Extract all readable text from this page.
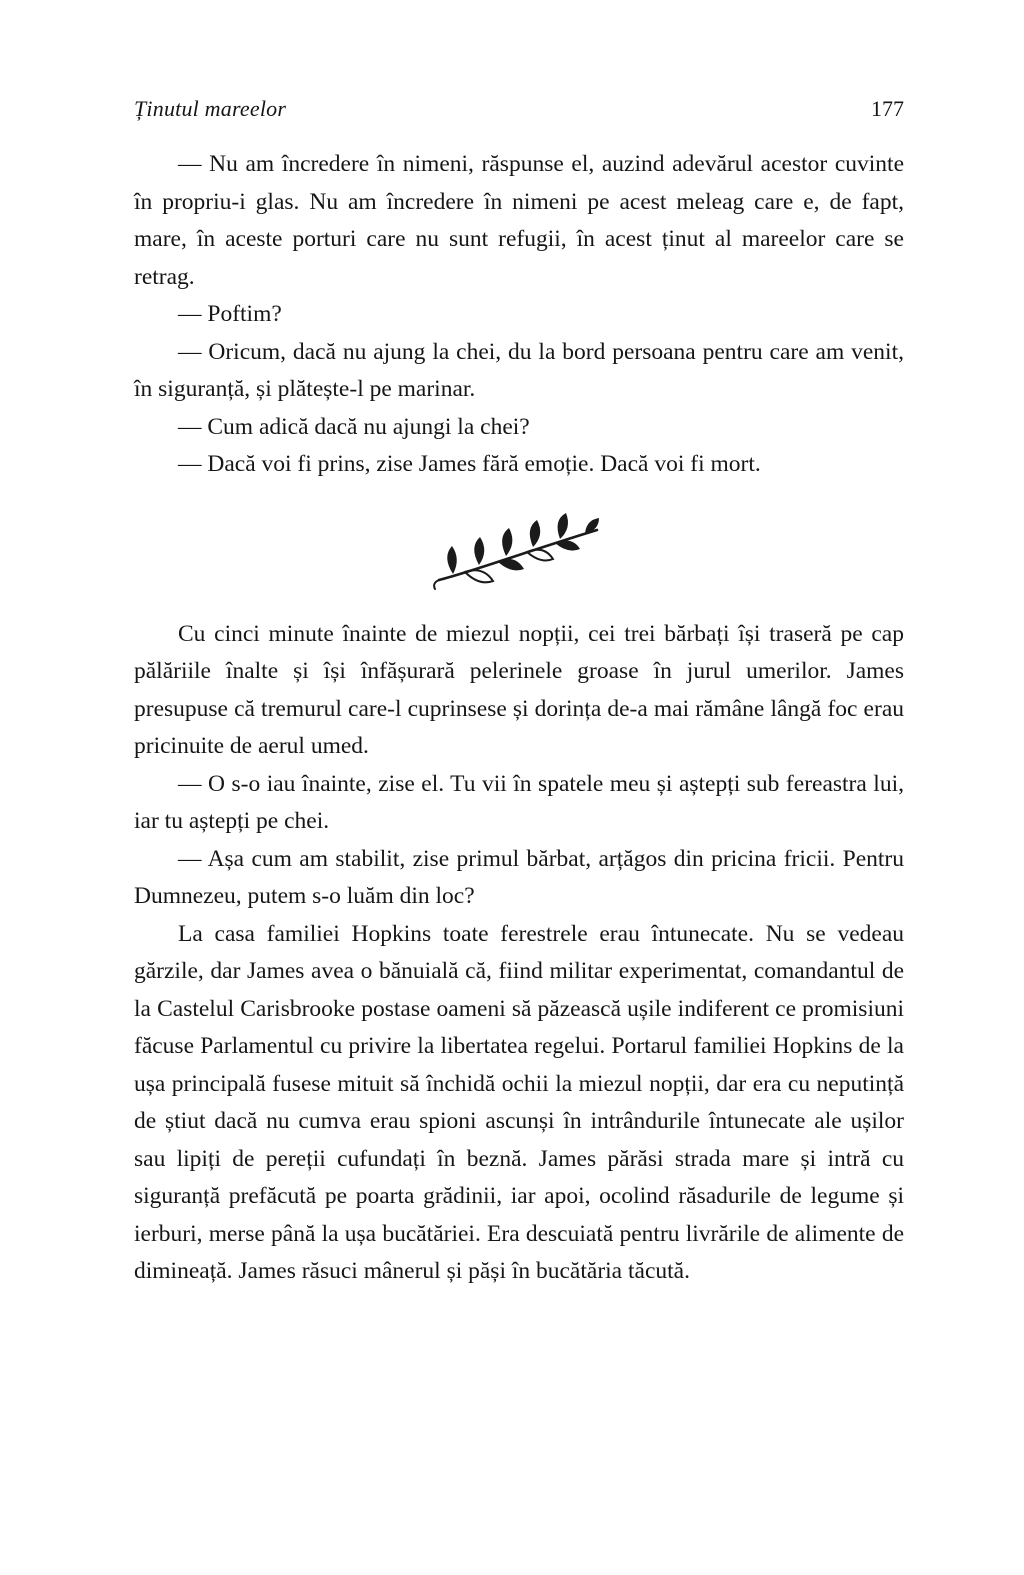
Ținutul mareelor	177

— Nu am încredere în nimeni, răspunse el, auzind adevărul acestor cuvinte în propriu-i glas. Nu am încredere în nimeni pe acest meleag care e, de fapt, mare, în aceste porturi care nu sunt refugii, în acest ținut al mareelor care se retrag.

— Poftim?

— Oricum, dacă nu ajung la chei, du la bord persoana pentru care am venit, în siguranță, și plătește-l pe marinar.

— Cum adică dacă nu ajungi la chei?

— Dacă voi fi prins, zise James fără emoție. Dacă voi fi mort.

Cu cinci minute înainte de miezul nopții, cei trei bărbați își traseră pe cap pălăriile înalte și își înfășurară pelerinele groase în jurul umerilor. James presupuse că tremurul care-l cuprinsese și dorința de-a mai rămâne lângă foc erau pricinuite de aerul umed.

— O s-o iau înainte, zise el. Tu vii în spatele meu și aștepți sub fereastra lui, iar tu aștepți pe chei.

— Așa cum am stabilit, zise primul bărbat, arțăgos din pricina fricii. Pentru Dumnezeu, putem s-o luăm din loc?

La casa familiei Hopkins toate ferestrele erau întunecate. Nu se vedeau gărzile, dar James avea o bănuială că, fiind militar experimentat, comandantul de la Castelul Carisbrooke postase oameni să păzească ușile indiferent ce promisiuni făcuse Parlamentul cu privire la libertatea regelui. Portarul familiei Hopkins de la ușa principală fusese mituit să închidă ochii la miezul nopții, dar era cu neputință de știut dacă nu cumva erau spioni ascunși în intrândurile întunecate ale ușilor sau lipiți de pereții cufundați în beznă. James părăsi strada mare și intră cu siguranță prefăcută pe poarta grădinii, iar apoi, ocolind răsadurile de legume și ierburi, merse până la ușa bucătăriei. Era descuiată pentru livrările de alimente de dimineață. James răsuci mânerul și păși în bucătăria tăcută.
